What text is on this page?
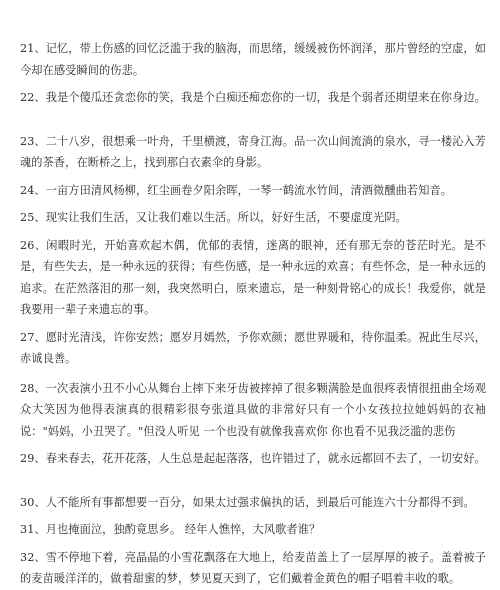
21、记忆，带上伤感的回忆泛滥于我的脑海，而思绪，缓缓被伤怀润泽，那片曾经的空虚，如今却在感受瞬间的伤悲。

22、我是个傻瓜还贪恋你的笑，我是个白痴还痴恋你的一切，我是个弱者还期望来在你身边。

23、二十八岁，很想乘一叶舟，千里横渡，寄身江海。品一次山间流淌的泉水，寻一楼沁入芳魂的茶香，在断桥之上，找到那白衣素伞的身影。

24、一亩方田清风杨柳，红尘画卷夕阳余晖，一琴一鹤流水竹间，清酒微醺曲若知音。

25、现实让我们生活，又让我们难以生活。所以，好好生活，不要虚度光阴。

26、闲暇时光，开始喜欢起木偶，优郁的表情，迷离的眼神，还有那无奈的苍茫时光。是不是，有些失去，是一种永远的获得；有些伤感，是一种永远的欢喜；有些怀念，是一种永远的追求。在茫然落泪的那一刻，我突然明白，原来遗忘，是一种刻骨铭心的成长！我爱你，就是我要用一辈子来遗忘的事。

27、愿时光清浅，许你安然；愿岁月嫣然，予你欢颜；愿世界暖和，待你温柔。祝此生尽兴，赤诚良善。

28、一次表演小丑不小心从舞台上摔下来牙齿被摔掉了很多颗满脸是血很疼表情很扭曲全场观众大笑因为他得表演真的很精彩很夸张道具做的非常好只有一个小女孩拉拉她妈妈的衣袖说："妈妈，小丑哭了。"但没人听见 一个也没有就像我喜欢你 你也看不见我泛滥的悲伤

29、春来春去，花开花落，人生总是起起落落，也许错过了，就永远都回不去了，一切安好。

30、人不能所有事都想要一百分，如果太过强求偏执的话，到最后可能连六十分都得不到。

31、月也掩面泣，独酌竟思乡。 经年人憔悴，大风歌者谁？

32、雪不停地下着，亮晶晶的小雪花飘落在大地上，给麦苗盖上了一层厚厚的被子。盖着被子的麦苗暖洋洋的，做着甜蜜的梦，梦见夏天到了，它们戴着金黄色的帽子唱着丰收的歌。
